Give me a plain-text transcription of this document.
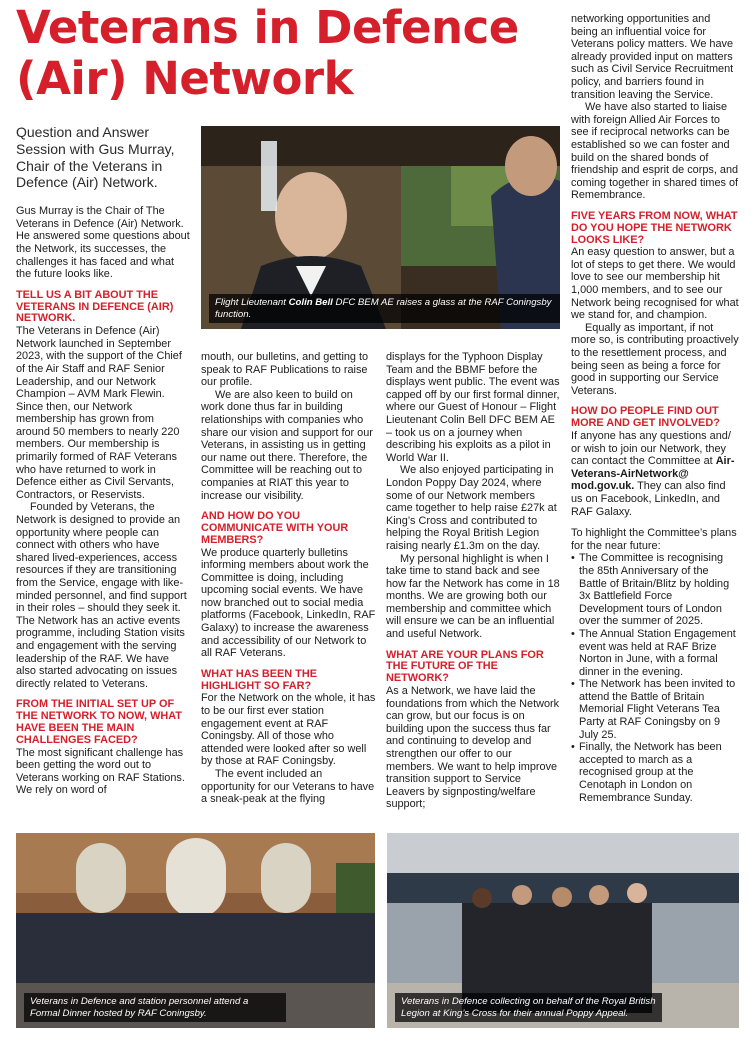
Veterans in Defence
(Air) Network
Flight Lieutenant Colin Bell DFC BEM AE raises a glass at the RAF Coningsby function.

Question and Answer Session with Gus Murray, Chair of the Veterans in Defence (Air) Network.

Gus Murray is the Chair of The Veterans in Defence (Air) Network. He answered some questions about the Network, its successes, the challenges it has faced and what the future looks like.

TELL US A BIT ABOUT THE VETERANS IN DEFENCE (AIR) NETWORK.

The Veterans in Defence (Air) Network launched in September 2023, with the support of the Chief of the Air Staff and RAF Senior Leadership, and our Network Champion – AVM Mark Flewin. Since then, our Network membership has grown from around 50 members to nearly 220 members. Our membership is primarily formed of RAF Veterans who have returned to work in Defence either as Civil Servants, Contractors, or Reservists.

Founded by Veterans, the Network is designed to provide an opportunity where people can connect with others who have shared lived-experiences, access resources if they are transitioning from the Service, engage with like-minded personnel, and find support in their roles – should they seek it. The Network has an active events programme, including Station visits and engagement with the serving leadership of the RAF. We have also started advocating on issues directly related to Veterans.

FROM THE INITIAL SET UP OF THE NETWORK TO NOW, WHAT HAVE BEEN THE MAIN CHALLENGES FACED?

The most significant challenge has been getting the word out to Veterans working on RAF Stations. We rely on word of

mouth, our bulletins, and getting to speak to RAF Publications to raise our profile.

We are also keen to build on work done thus far in building relationships with companies who share our vision and support for our Veterans, in assisting us in getting our name out there. Therefore, the Committee will be reaching out to companies at RIAT this year to increase our visibility.

AND HOW DO YOU COMMUNICATE WITH YOUR MEMBERS?

We produce quarterly bulletins informing members about work the Committee is doing, including upcoming social events. We have now branched out to social media platforms (Facebook, LinkedIn, RAF Galaxy) to increase the awareness and accessibility of our Network to all RAF Veterans.

WHAT HAS BEEN THE HIGHLIGHT SO FAR?

For the Network on the whole, it has to be our first ever station engagement event at RAF Coningsby. All of those who attended were looked after so well by those at RAF Coningsby.

The event included an opportunity for our Veterans to have a sneak-peak at the flying

displays for the Typhoon Display Team and the BBMF before the displays went public. The event was capped off by our first formal dinner, where our Guest of Honour – Flight Lieutenant Colin Bell DFC BEM AE – took us on a journey when describing his exploits as a pilot in World War II.

We also enjoyed participating in London Poppy Day 2024, where some of our Network members came together to help raise £27k at King’s Cross and contributed to helping the Royal British Legion raising nearly £1.3m on the day.

My personal highlight is when I take time to stand back and see how far the Network has come in 18 months. We are growing both our membership and committee which will ensure we can be an influential and useful Network.

WHAT ARE YOUR PLANS FOR THE FUTURE OF THE NETWORK?

As a Network, we have laid the foundations from which the Network can grow, but our focus is on building upon the success thus far and continuing to develop and strengthen our offer to our members. We want to help improve transition support to Service Leavers by signposting/welfare support;

networking opportunities and being an influential voice for Veterans policy matters. We have already provided input on matters such as Civil Service Recruitment policy, and barriers found in transition leaving the Service.

We have also started to liaise with foreign Allied Air Forces to see if reciprocal networks can be established so we can foster and build on the shared bonds of friendship and esprit de corps, and coming together in shared times of Remembrance.

FIVE YEARS FROM NOW, WHAT DO YOU HOPE THE NETWORK LOOKS LIKE?

An easy question to answer, but a lot of steps to get there. We would love to see our membership hit 1,000 members, and to see our Network being recognised for what we stand for, and champion.

Equally as important, if not more so, is contributing proactively to the resettlement process, and being seen as being a force for good in supporting our Service Veterans.

HOW DO PEOPLE FIND OUT MORE AND GET INVOLVED?

If anyone has any questions and/ or wish to join our Network, they can contact the Committee at Air-Veterans-AirNetwork@ mod.gov.uk. They can also find us on Facebook, LinkedIn, and RAF Galaxy.

To highlight the Committee’s plans for the near future:

• The Committee is recognising the 85th Anniversary of the Battle of Britain/Blitz by holding 3x Battlefield Force Development tours of London over the summer of 2025.
• The Annual Station Engagement event was held at RAF Brize Norton in June, with a formal dinner in the evening.
• The Network has been invited to attend the Battle of Britain Memorial Flight Veterans Tea Party at RAF Coningsby on 9 July 25.
• Finally, the Network has been accepted to march as a recognised group at the Cenotaph in London on Remembrance Sunday.
Veterans in Defence and station personnel attend a Formal Dinner hosted by RAF Coningsby.
Veterans in Defence collecting on behalf of the Royal British Legion at King’s Cross for their annual Poppy Appeal.
